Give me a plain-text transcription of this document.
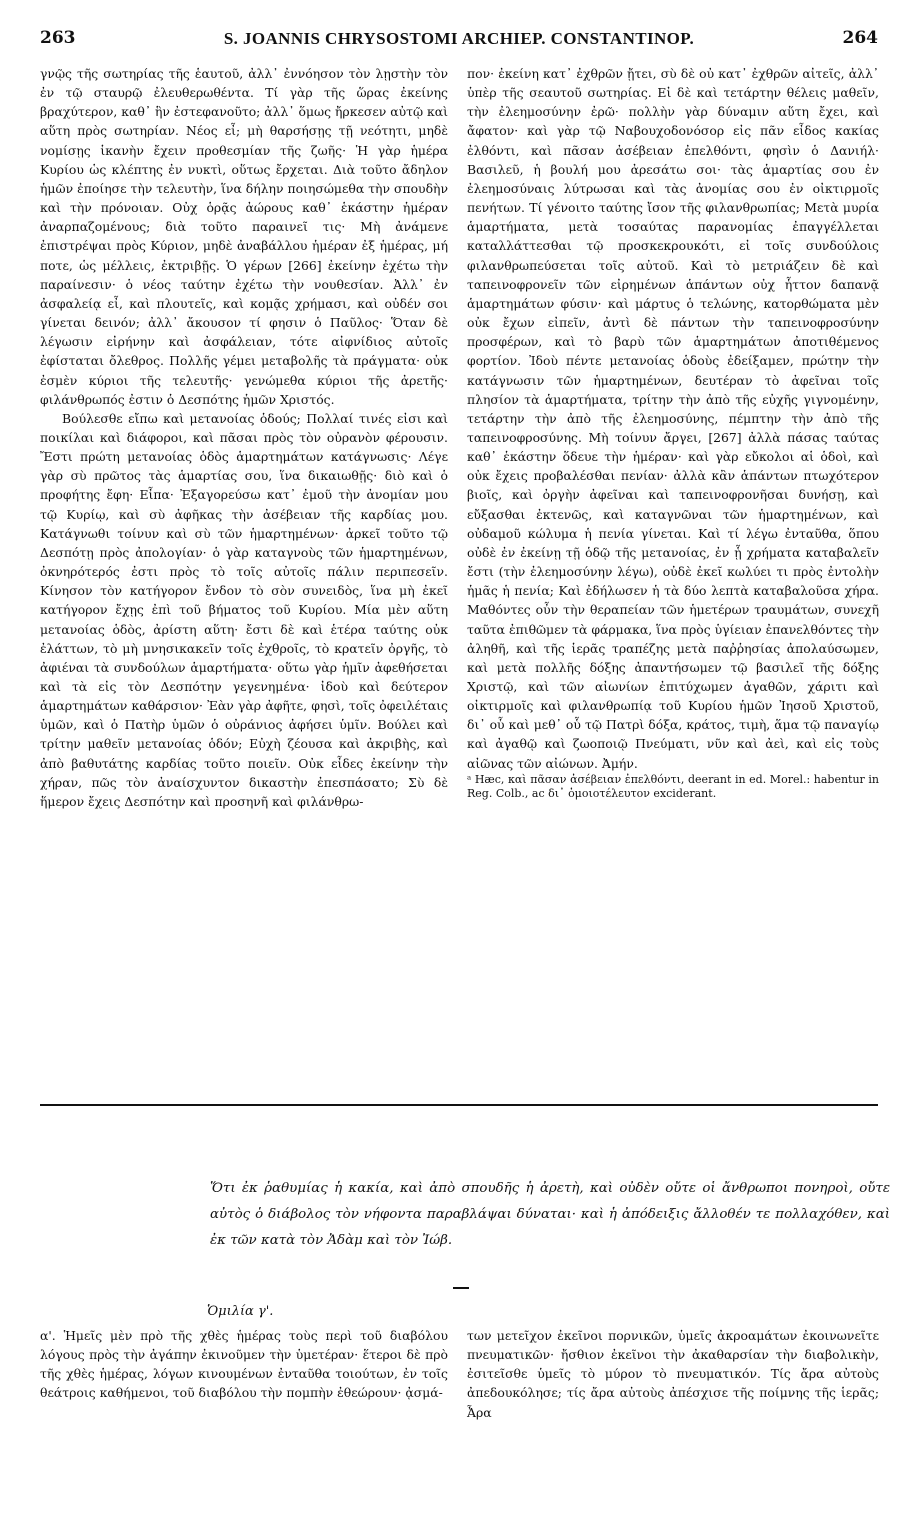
263	S. JOANNIS CHRYSOSTOMI ARCHIEP. CONSTANTINOP.	264

γνῷς τῆς σωτηρίας τῆς ἑαυτοῦ, ἀλλ᾽ ἐννόησον τὸν λῃστὴν τὸν ἐν τῷ σταυρῷ ἐλευθερωθέντα. Τί γὰρ τῆς ὥρας ἐκείνης βραχύτερον, καθ᾽ ἣν ἐστεφανοῦτο; ἀλλ᾽ ὅμως ἤρκεσεν αὐτῷ καὶ αὕτη πρὸς σωτηρίαν. Νέος εἶ; μὴ θαρσήσῃς τῇ νεότητι, μηδὲ νομίσῃς ἱκανὴν ἔχειν προθεσμίαν τῆς ζωῆς· Ἡ γὰρ ἡμέρα Κυρίου ὡς κλέπτης ἐν νυκτὶ, οὕτως ἔρχεται. Διὰ τοῦτο ἄδηλον ἡμῶν ἐποίησε τὴν τελευτὴν, ἵνα δήλην ποιησώμεθα τὴν σπουδὴν καὶ τὴν πρόνοιαν. Οὐχ ὁρᾷς ἀώρους καθ᾽ ἑκάστην ἡμέραν ἀναρπαζομένους; διὰ τοῦτο παραινεῖ τις· Μὴ ἀνάμενε ἐπιστρέψαι πρὸς Κύριον, μηδὲ ἀναβάλλου ἡμέραν ἐξ ἡμέρας, μή ποτε, ὡς μέλλεις, ἐκτριβῇς. Ὁ γέρων [266] ἐκείνην ἐχέτω τὴν παραίνεσιν· ὁ νέος ταύτην ἐχέτω τὴν νουθεσίαν. Ἀλλ᾽ ἐν ἀσφαλείᾳ εἶ, καὶ πλουτεῖς, καὶ κομᾷς χρήμασι, καὶ οὐδέν σοι γίνεται δεινόν; ἀλλ᾽ ἄκουσον τί φησιν ὁ Παῦλος· Ὅταν δὲ λέγωσιν εἰρήνην καὶ ἀσφάλειαν, τότε αἰφνίδιος αὐτοῖς ἐφίσταται ὄλεθρος. Πολλῆς γέμει μεταβολῆς τὰ πράγματα· οὐκ ἐσμὲν κύριοι τῆς τελευτῆς· γενώμεθα κύριοι τῆς ἀρετῆς· φιλάνθρωπός ἐστιν ὁ Δεσπότης ἡμῶν Χριστός.

Βούλεσθε εἴπω καὶ μετανοίας ὁδούς; Πολλαί τινές εἰσι καὶ ποικίλαι καὶ διάφοροι, καὶ πᾶσαι πρὸς τὸν οὐρανὸν φέρουσιν. Ἔστι πρώτη μετανοίας ὁδὸς ἁμαρτημάτων κατάγνωσις· Λέγε γὰρ σὺ πρῶτος τὰς ἁμαρτίας σου, ἵνα δικαιωθῇς· διὸ καὶ ὁ προφήτης ἔφη· Εἶπα· Ἐξαγορεύσω κατ᾽ ἐμοῦ τὴν ἀνομίαν μου τῷ Κυρίῳ, καὶ σὺ ἀφῆκας τὴν ἀσέβειαν τῆς καρδίας μου. Κατάγνωθι τοίνυν καὶ σὺ τῶν ἡμαρτημένων· ἀρκεῖ τοῦτο τῷ Δεσπότῃ πρὸς ἀπολογίαν· ὁ γὰρ καταγνοὺς τῶν ἡμαρτημένων, ὀκνηρότερός ἐστι πρὸς τὸ τοῖς αὐτοῖς πάλιν περιπεσεῖν. Κίνησον τὸν κατήγορον ἔνδον τὸ σὸν συνειδὸς, ἵνα μὴ ἐκεῖ κατήγορον ἔχῃς ἐπὶ τοῦ βήματος τοῦ Κυρίου. Μία μὲν αὕτη μετανοίας ὁδὸς, ἀρίστη αὕτη· ἔστι δὲ καὶ ἑτέρα ταύτης οὐκ ἐλάττων, τὸ μὴ μνησικακεῖν τοῖς ἐχθροῖς, τὸ κρατεῖν ὀργῆς, τὸ ἀφιέναι τὰ συνδούλων ἁμαρτήματα· οὕτω γὰρ ἡμῖν ἀφεθήσεται καὶ τὰ εἰς τὸν Δεσπότην γεγενημένα· ἰδοὺ καὶ δεύτερον ἁμαρτημάτων καθάρσιον· Ἐὰν γὰρ ἀφῆτε, φησὶ, τοῖς ὀφειλέταις ὑμῶν, καὶ ὁ Πατὴρ ὑμῶν ὁ οὐράνιος ἀφήσει ὑμῖν. Βούλει καὶ τρίτην μαθεῖν μετανοίας ὁδόν; Εὐχὴ ζέουσα καὶ ἀκριβὴς, καὶ ἀπὸ βαθυτάτης καρδίας τοῦτο ποιεῖν. Οὐκ εἶδες ἐκείνην τὴν χήραν, πῶς τὸν ἀναίσχυντον δικαστὴν ἐπεσπάσατο; Σὺ δὲ ἥμερον ἔχεις Δεσπότην καὶ προσηνῆ καὶ φιλάνθρω-

πον· ἐκείνη κατ᾽ ἐχθρῶν ᾔτει, σὺ δὲ οὐ κατ᾽ ἐχθρῶν αἰτεῖς, ἀλλ᾽ ὑπὲρ τῆς σεαυτοῦ σωτηρίας. Εἰ δὲ καὶ τετάρτην θέλεις μαθεῖν, τὴν ἐλεημοσύνην ἐρῶ· πολλὴν γὰρ δύναμιν αὕτη ἔχει, καὶ ἄφατον· καὶ γὰρ τῷ Ναβουχοδονόσορ εἰς πᾶν εἶδος κακίας ἐλθόντι, καὶ πᾶσαν ἀσέβειαν ἐπελθόντι, φησὶν ὁ Δανιήλ· Βασιλεῦ, ἡ βουλή μου ἀρεσάτω σοι· τὰς ἁμαρτίας σου ἐν ἐλεημοσύναις λύτρωσαι καὶ τὰς ἀνομίας σου ἐν οἰκτιρμοῖς πενήτων. Τί γένοιτο ταύτης ἴσον τῆς φιλανθρωπίας; Μετὰ μυρία ἁμαρτήματα, μετὰ τοσαύτας παρανομίας ἐπαγγέλλεται καταλλάττεσθαι τῷ προσκεκρουκότι, εἰ τοῖς συνδούλοις φιλανθρωπεύσεται τοῖς αὐτοῦ. Καὶ τὸ μετριάζειν δὲ καὶ ταπεινοφρονεῖν τῶν εἰρημένων ἁπάντων οὐχ ἧττον δαπανᾷ ἁμαρτημάτων φύσιν· καὶ μάρτυς ὁ τελώνης, κατορθώματα μὲν οὐκ ἔχων εἰπεῖν, ἀντὶ δὲ πάντων τὴν ταπεινοφροσύνην προσφέρων, καὶ τὸ βαρὺ τῶν ἁμαρτημάτων ἀποτιθέμενος φορτίον. Ἰδοὺ πέντε μετανοίας ὁδοὺς ἐδείξαμεν, πρώτην τὴν κατάγνωσιν τῶν ἡμαρτημένων, δευτέραν τὸ ἀφεῖναι τοῖς πλησίον τὰ ἁμαρτήματα, τρίτην τὴν ἀπὸ τῆς εὐχῆς γιγνομένην, τετάρτην τὴν ἀπὸ τῆς ἐλεημοσύνης, πέμπτην τὴν ἀπὸ τῆς ταπεινοφροσύνης. Μὴ τοίνυν ἄργει, [267] ἀλλὰ πάσας ταύτας καθ᾽ ἑκάστην ὅδευε τὴν ἡμέραν· καὶ γὰρ εὔκολοι αἱ ὁδοὶ, καὶ οὐκ ἔχεις προβαλέσθαι πενίαν· ἀλλὰ κἂν ἁπάντων πτωχότερον βιοῖς, καὶ ὀργὴν ἀφεῖναι καὶ ταπεινοφρονῆσαι δυνήσῃ, καὶ εὔξασθαι ἐκτενῶς, καὶ καταγνῶναι τῶν ἡμαρτημένων, καὶ οὐδαμοῦ κώλυμα ἡ πενία γίνεται. Καὶ τί λέγω ἐνταῦθα, ὅπου οὐδὲ ἐν ἐκείνῃ τῇ ὁδῷ τῆς μετανοίας, ἐν ᾗ χρήματα καταβαλεῖν ἔστι (τὴν ἐλεημοσύνην λέγω), οὐδὲ ἐκεῖ κωλύει τι πρὸς ἐντολὴν ἡμᾶς ἡ πενία; Καὶ ἐδήλωσεν ἡ τὰ δύο λεπτὰ καταβαλοῦσα χήρα. Μαθόντες οὖν τὴν θεραπείαν τῶν ἡμετέρων τραυμάτων, συνεχῆ ταῦτα ἐπιθῶμεν τὰ φάρμακα, ἵνα πρὸς ὑγίειαν ἐπανελθόντες τὴν ἀληθῆ, καὶ τῆς ἱερᾶς τραπέζης μετὰ παῤῥησίας ἀπολαύσωμεν, καὶ μετὰ πολλῆς δόξης ἀπαντήσωμεν τῷ βασιλεῖ τῆς δόξης Χριστῷ, καὶ τῶν αἰωνίων ἐπιτύχωμεν ἀγαθῶν, χάριτι καὶ οἰκτιρμοῖς καὶ φιλανθρωπίᾳ τοῦ Κυρίου ἡμῶν Ἰησοῦ Χριστοῦ, δι᾽ οὗ καὶ μεθ᾽ οὗ τῷ Πατρὶ δόξα, κράτος, τιμὴ, ἅμα τῷ παναγίῳ καὶ ἀγαθῷ καὶ ζωοποιῷ Πνεύματι, νῦν καὶ ἀεὶ, καὶ εἰς τοὺς αἰῶνας τῶν αἰώνων. Ἀμήν.

ᵃ Hæc, καὶ πᾶσαν ἀσέβειαν ἐπελθόντι, deerant in ed. Morel.: habentur in Reg. Colb., ac δι᾽ ὁμοιοτέλευτον exciderant.

Ὅτι ἐκ ῥαθυμίας ἡ κακία, καὶ ἀπὸ σπουδῆς ἡ ἀρετὴ, καὶ οὐδὲν οὔτε οἱ ἄνθρωποι πονηροὶ, οὔτε αὐτὸς ὁ διάβολος τὸν νήφοντα παραβλάψαι δύναται· καὶ ἡ ἀπόδειξις ἄλλοθέν τε πολλαχόθεν, καὶ ἐκ τῶν κατὰ τὸν Ἀδὰμ καὶ τὸν Ἰώβ.

Ὁμιλία γ'.

α'. Ἡμεῖς μὲν πρὸ τῆς χθὲς ἡμέρας τοὺς περὶ τοῦ διαβόλου λόγους πρὸς τὴν ἀγάπην ἐκινοῦμεν τὴν ὑμετέραν· ἕτεροι δὲ πρὸ τῆς χθὲς ἡμέρας, λόγων κινουμένων ἐνταῦθα τοιούτων, ἐν τοῖς θεάτροις καθήμενοι, τοῦ διαβόλου τὴν πομπὴν ἐθεώρουν· ᾀσμά-

των μετεῖχον ἐκεῖνοι πορνικῶν, ὑμεῖς ἀκροαμάτων ἐκοινωνεῖτε πνευματικῶν· ἤσθιον ἐκεῖνοι τὴν ἀκαθαρσίαν τὴν διαβολικὴν, ἐσιτεῖσθε ὑμεῖς τὸ μύρον τὸ πνευματικόν. Τίς ἄρα αὐτοὺς ἀπεδουκόλησε; τίς ἄρα αὐτοὺς ἀπέσχισε τῆς ποίμνης τῆς ἱερᾶς; Ἆρα
